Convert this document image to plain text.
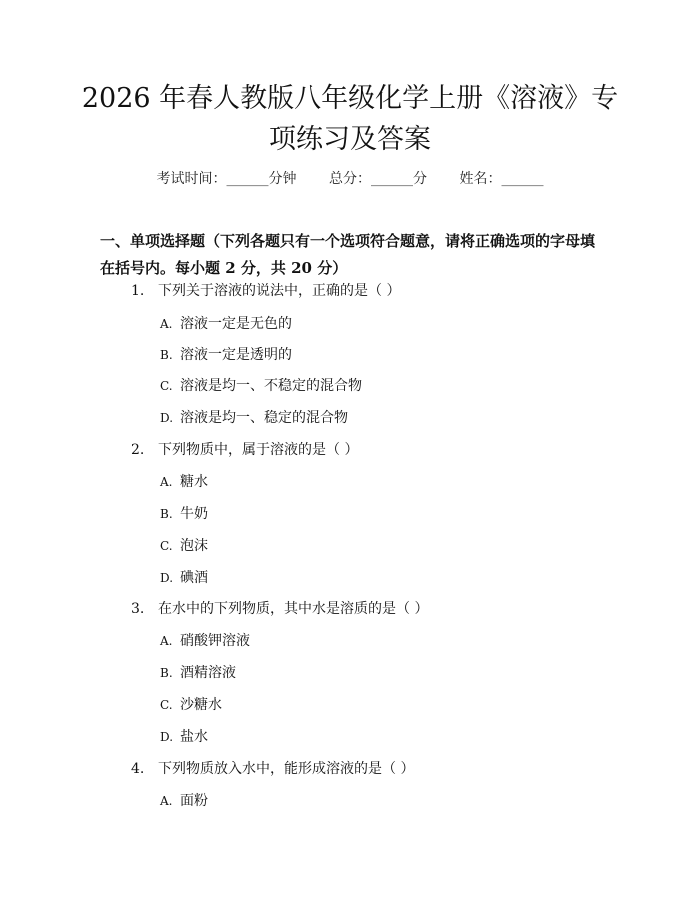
2026 年春人教版八年级化学上册《溶液》专
项练习及答案
考试时间：______分钟 总分：______分 姓名：______
一、单项选择题（下列各题只有一个选项符合题意，请将正确选项的字母填在括号内。每小题 2 分，共 20 分）
1. 下列关于溶液的说法中，正确的是（ ）
A. 溶液一定是无色的
B. 溶液一定是透明的
C. 溶液是均一、不稳定的混合物
D. 溶液是均一、稳定的混合物
2. 下列物质中，属于溶液的是（ ）
A. 糖水
B. 牛奶
C. 泡沫
D. 碘酒
3. 在水中的下列物质，其中水是溶质的是（ ）
A. 硝酸钾溶液
B. 酒精溶液
C. 沙糖水
D. 盐水
4. 下列物质放入水中，能形成溶液的是（ ）
A. 面粉
